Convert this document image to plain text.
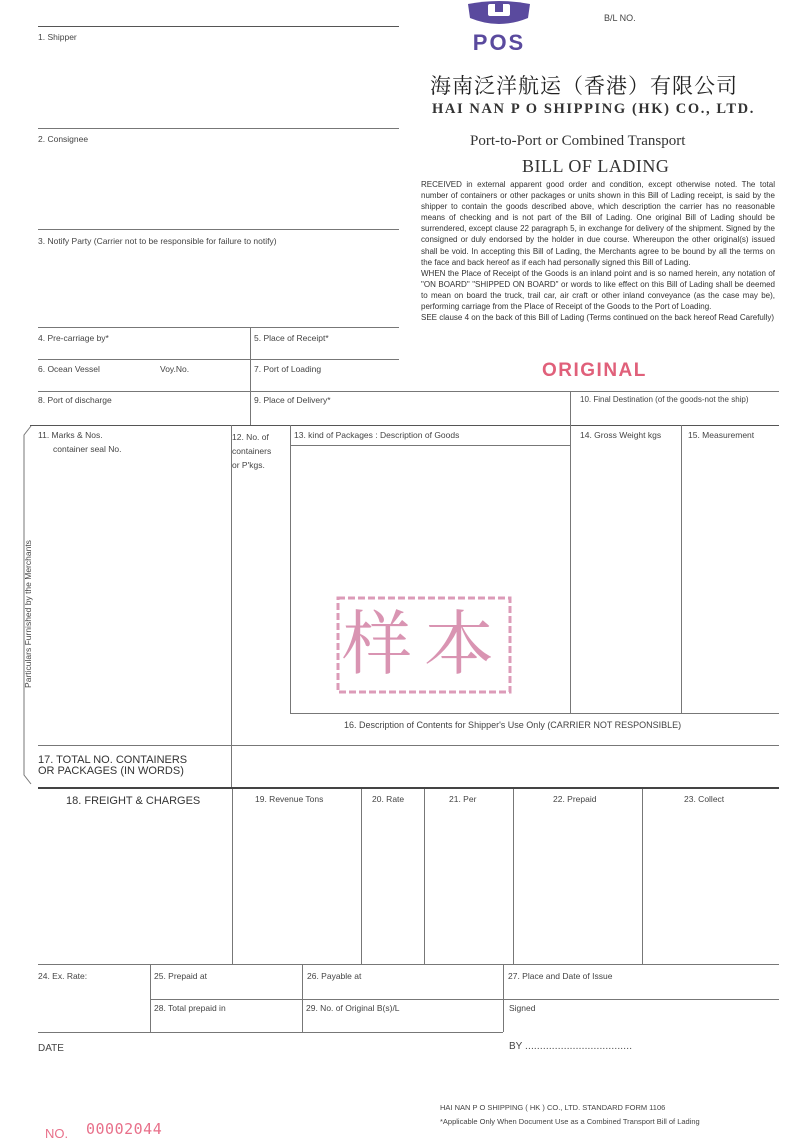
POS
B/L NO.
海南泛洋航运（香港）有限公司
HAI NAN P O SHIPPING (HK) CO., LTD.
Port-to-Port or Combined Transport
BILL OF LADING

RECEIVED in external apparent good order and condition, except otherwise noted. The total number of containers or other packages or units shown in this Bill of Lading receipt, is said by the shipper to contain the goods described above, which description the carrier has no reasonable means of checking and is not part of the Bill of Lading. One original Bill of Lading should be surrendered, except clause 22 paragraph 5, in exchange for delivery of the shipment. Signed by the consigned or duly endorsed by the holder in due course. Whereupon the other original(s) issued shall be void. In accepting this Bill of Lading, the Merchants agree to be bound by all the terms on the face and back hereof as if each had personally signed this Bill of Lading.

WHEN the Place of Receipt of the Goods is an inland point and is so named herein, any notation of "ON BOARD" "SHIPPED ON BOARD" or words to like effect on this Bill of Lading shall be deemed to mean on board the truck, trail car, air craft or other inland conveyance (as the case may be), performing carriage from the Place of Receipt of the Goods to the Port of Loading.

SEE clause 4 on the back of this Bill of Lading (Terms continued on the back hereof Read Carefully)

ORIGINAL
1. Shipper
2. Consignee
3. Notify Party (Carrier not to be responsible for failure to notify)
4. Pre-carriage by*	5. Place of Receipt*
6. Ocean Vessel	Voy.No.	7. Port of Loading
8. Port of discharge	9. Place of Delivery*	10. Final Destination (of the goods-not the ship)
Particulars Furnished by the Merchants
11. Marks & Nos.
container seal No.
12. No. of
containers
or P'kgs.
13. kind of Packages : Description of Goods	14. Gross Weight kgs	15. Measurement
样本
16. Description of Contents for Shipper's Use Only (CARRIER NOT RESPONSIBLE)
17. TOTAL NO. CONTAINERS
OR PACKAGES (IN WORDS)
18. FREIGHT & CHARGES	19. Revenue Tons	20. Rate	21. Per	22. Prepaid	23. Collect
24. Ex. Rate:	25. Prepaid at	26. Payable at	27. Place and Date of Issue
28. Total prepaid in	29. No. of Original B(s)/L	Signed
DATE	BY ....................................
HAI NAN P O SHIPPING ( HK ) CO., LTD. STANDARD FORM 1106
*Applicable Only When Document Use as a Combined Transport Bill of Lading
NO. 00002044
